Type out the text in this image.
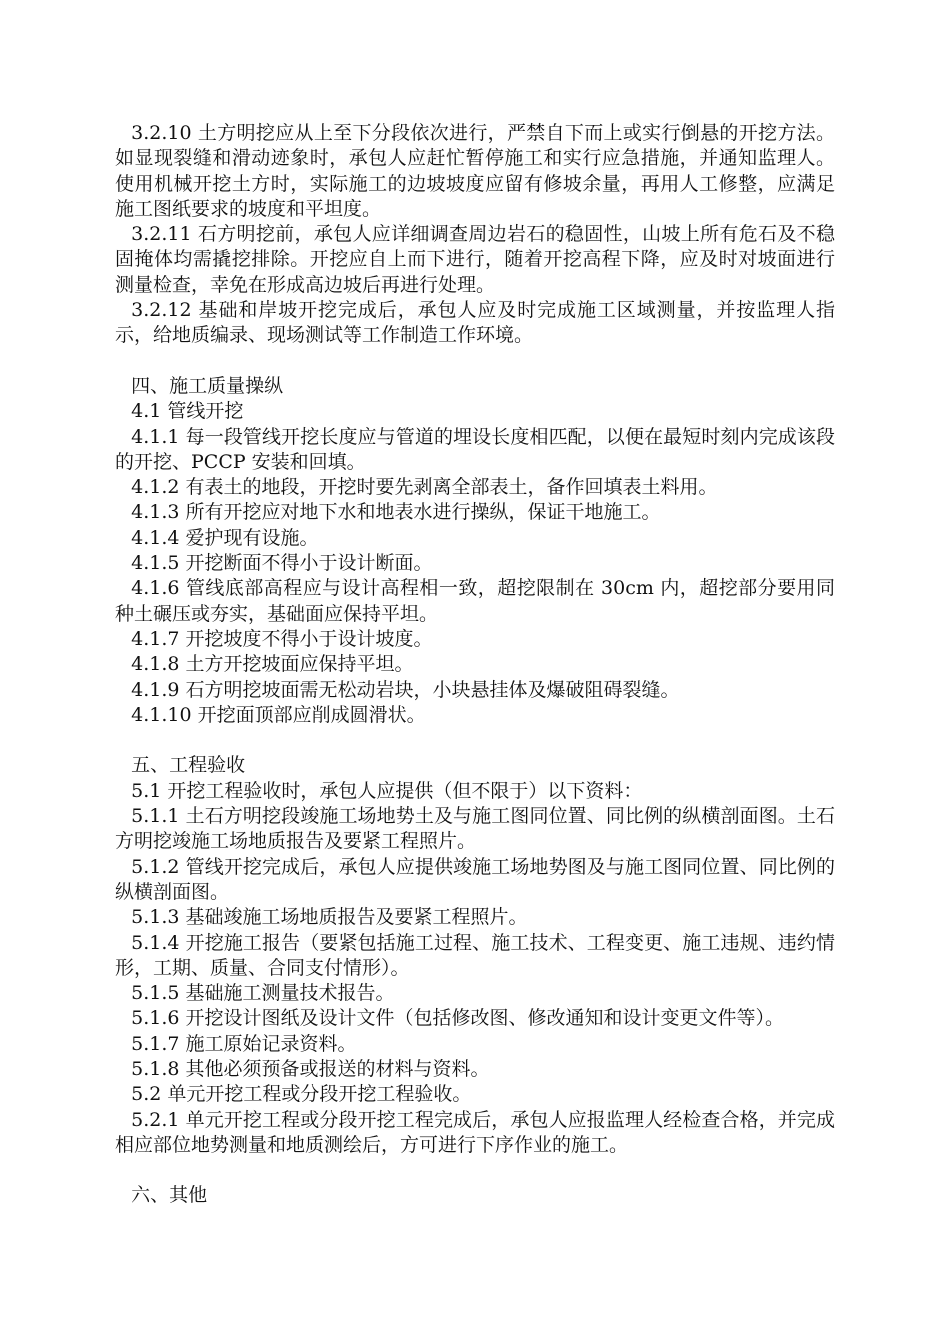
3.2.10 土方明挖应从上至下分段依次进行，严禁自下而上或实行倒悬的开挖方法。如显现裂缝和滑动迹象时，承包人应赶忙暂停施工和实行应急措施，并通知监理人。使用机械开挖土方时，实际施工的边坡坡度应留有修坡余量，再用人工修整，应满足施工图纸要求的坡度和平坦度。

3.2.11 石方明挖前，承包人应详细调查周边岩石的稳固性，山坡上所有危石及不稳固掩体均需撬挖排除。开挖应自上而下进行，随着开挖高程下降，应及时对坡面进行测量检查，幸免在形成高边坡后再进行处理。

3.2.12 基础和岸坡开挖完成后，承包人应及时完成施工区域测量，并按监理人指示，给地质编录、现场测试等工作制造工作环境。

四、施工质量操纵

4.1 管线开挖

4.1.1 每一段管线开挖长度应与管道的埋设长度相匹配，以便在最短时刻内完成该段的开挖、PCCP 安装和回填。

4.1.2 有表土的地段，开挖时要先剥离全部表土，备作回填表土料用。

4.1.3 所有开挖应对地下水和地表水进行操纵，保证干地施工。

4.1.4 爱护现有设施。

4.1.5 开挖断面不得小于设计断面。

4.1.6 管线底部高程应与设计高程相一致，超挖限制在 30cm 内，超挖部分要用同种土碾压或夯实，基础面应保持平坦。

4.1.7 开挖坡度不得小于设计坡度。

4.1.8 土方开挖坡面应保持平坦。

4.1.9 石方明挖坡面需无松动岩块，小块悬挂体及爆破阻碍裂缝。

4.1.10 开挖面顶部应削成圆滑状。

五、工程验收

5.1 开挖工程验收时，承包人应提供（但不限于）以下资料：

5.1.1 土石方明挖段竣施工场地势土及与施工图同位置、同比例的纵横剖面图。土石方明挖竣施工场地质报告及要紧工程照片。

5.1.2 管线开挖完成后，承包人应提供竣施工场地势图及与施工图同位置、同比例的纵横剖面图。

5.1.3 基础竣施工场地质报告及要紧工程照片。

5.1.4 开挖施工报告（要紧包括施工过程、施工技术、工程变更、施工违规、违约情形，工期、质量、合同支付情形）。

5.1.5 基础施工测量技术报告。

5.1.6 开挖设计图纸及设计文件（包括修改图、修改通知和设计变更文件等）。

5.1.7 施工原始记录资料。

5.1.8 其他必须预备或报送的材料与资料。

5.2 单元开挖工程或分段开挖工程验收。

5.2.1 单元开挖工程或分段开挖工程完成后，承包人应报监理人经检查合格，并完成相应部位地势测量和地质测绘后，方可进行下序作业的施工。

六、其他
